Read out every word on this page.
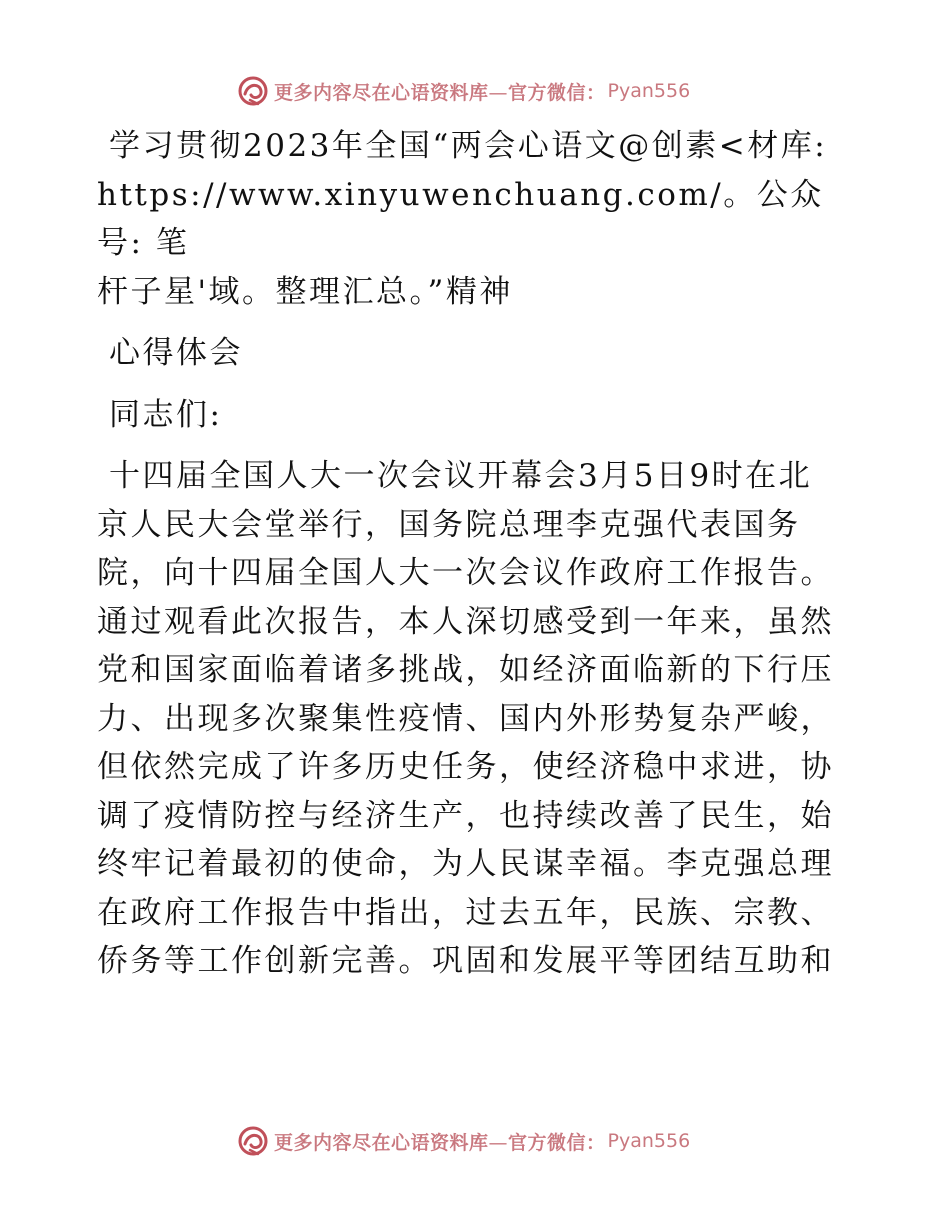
更多内容尽在心语资料库—官方微信： Pyan556

学习贯彻2023年全国“两会心语文@创素<材库:

https://www.xinyuwenchuang.com/。公众号: 笔

杆子星'域。整理汇总。”精神

心得体会

同志们:

十四届全国人大一次会议开幕会3月5日9时在北

京人民大会堂举行，国务院总理李克强代表国务

院，向十四届全国人大一次会议作政府工作报告。

通过观看此次报告，本人深切感受到一年来，虽然

党和国家面临着诸多挑战，如经济面临新的下行压

力、出现多次聚集性疫情、国内外形势复杂严峻，

但依然完成了许多历史任务，使经济稳中求进，协

调了疫情防控与经济生产，也持续改善了民生，始

终牢记着最初的使命，为人民谋幸福。李克强总理

在政府工作报告中指出，过去五年，民族、宗教、

侨务等工作创新完善。巩固和发展平等团结互助和

更多内容尽在心语资料库—官方微信： Pyan556
